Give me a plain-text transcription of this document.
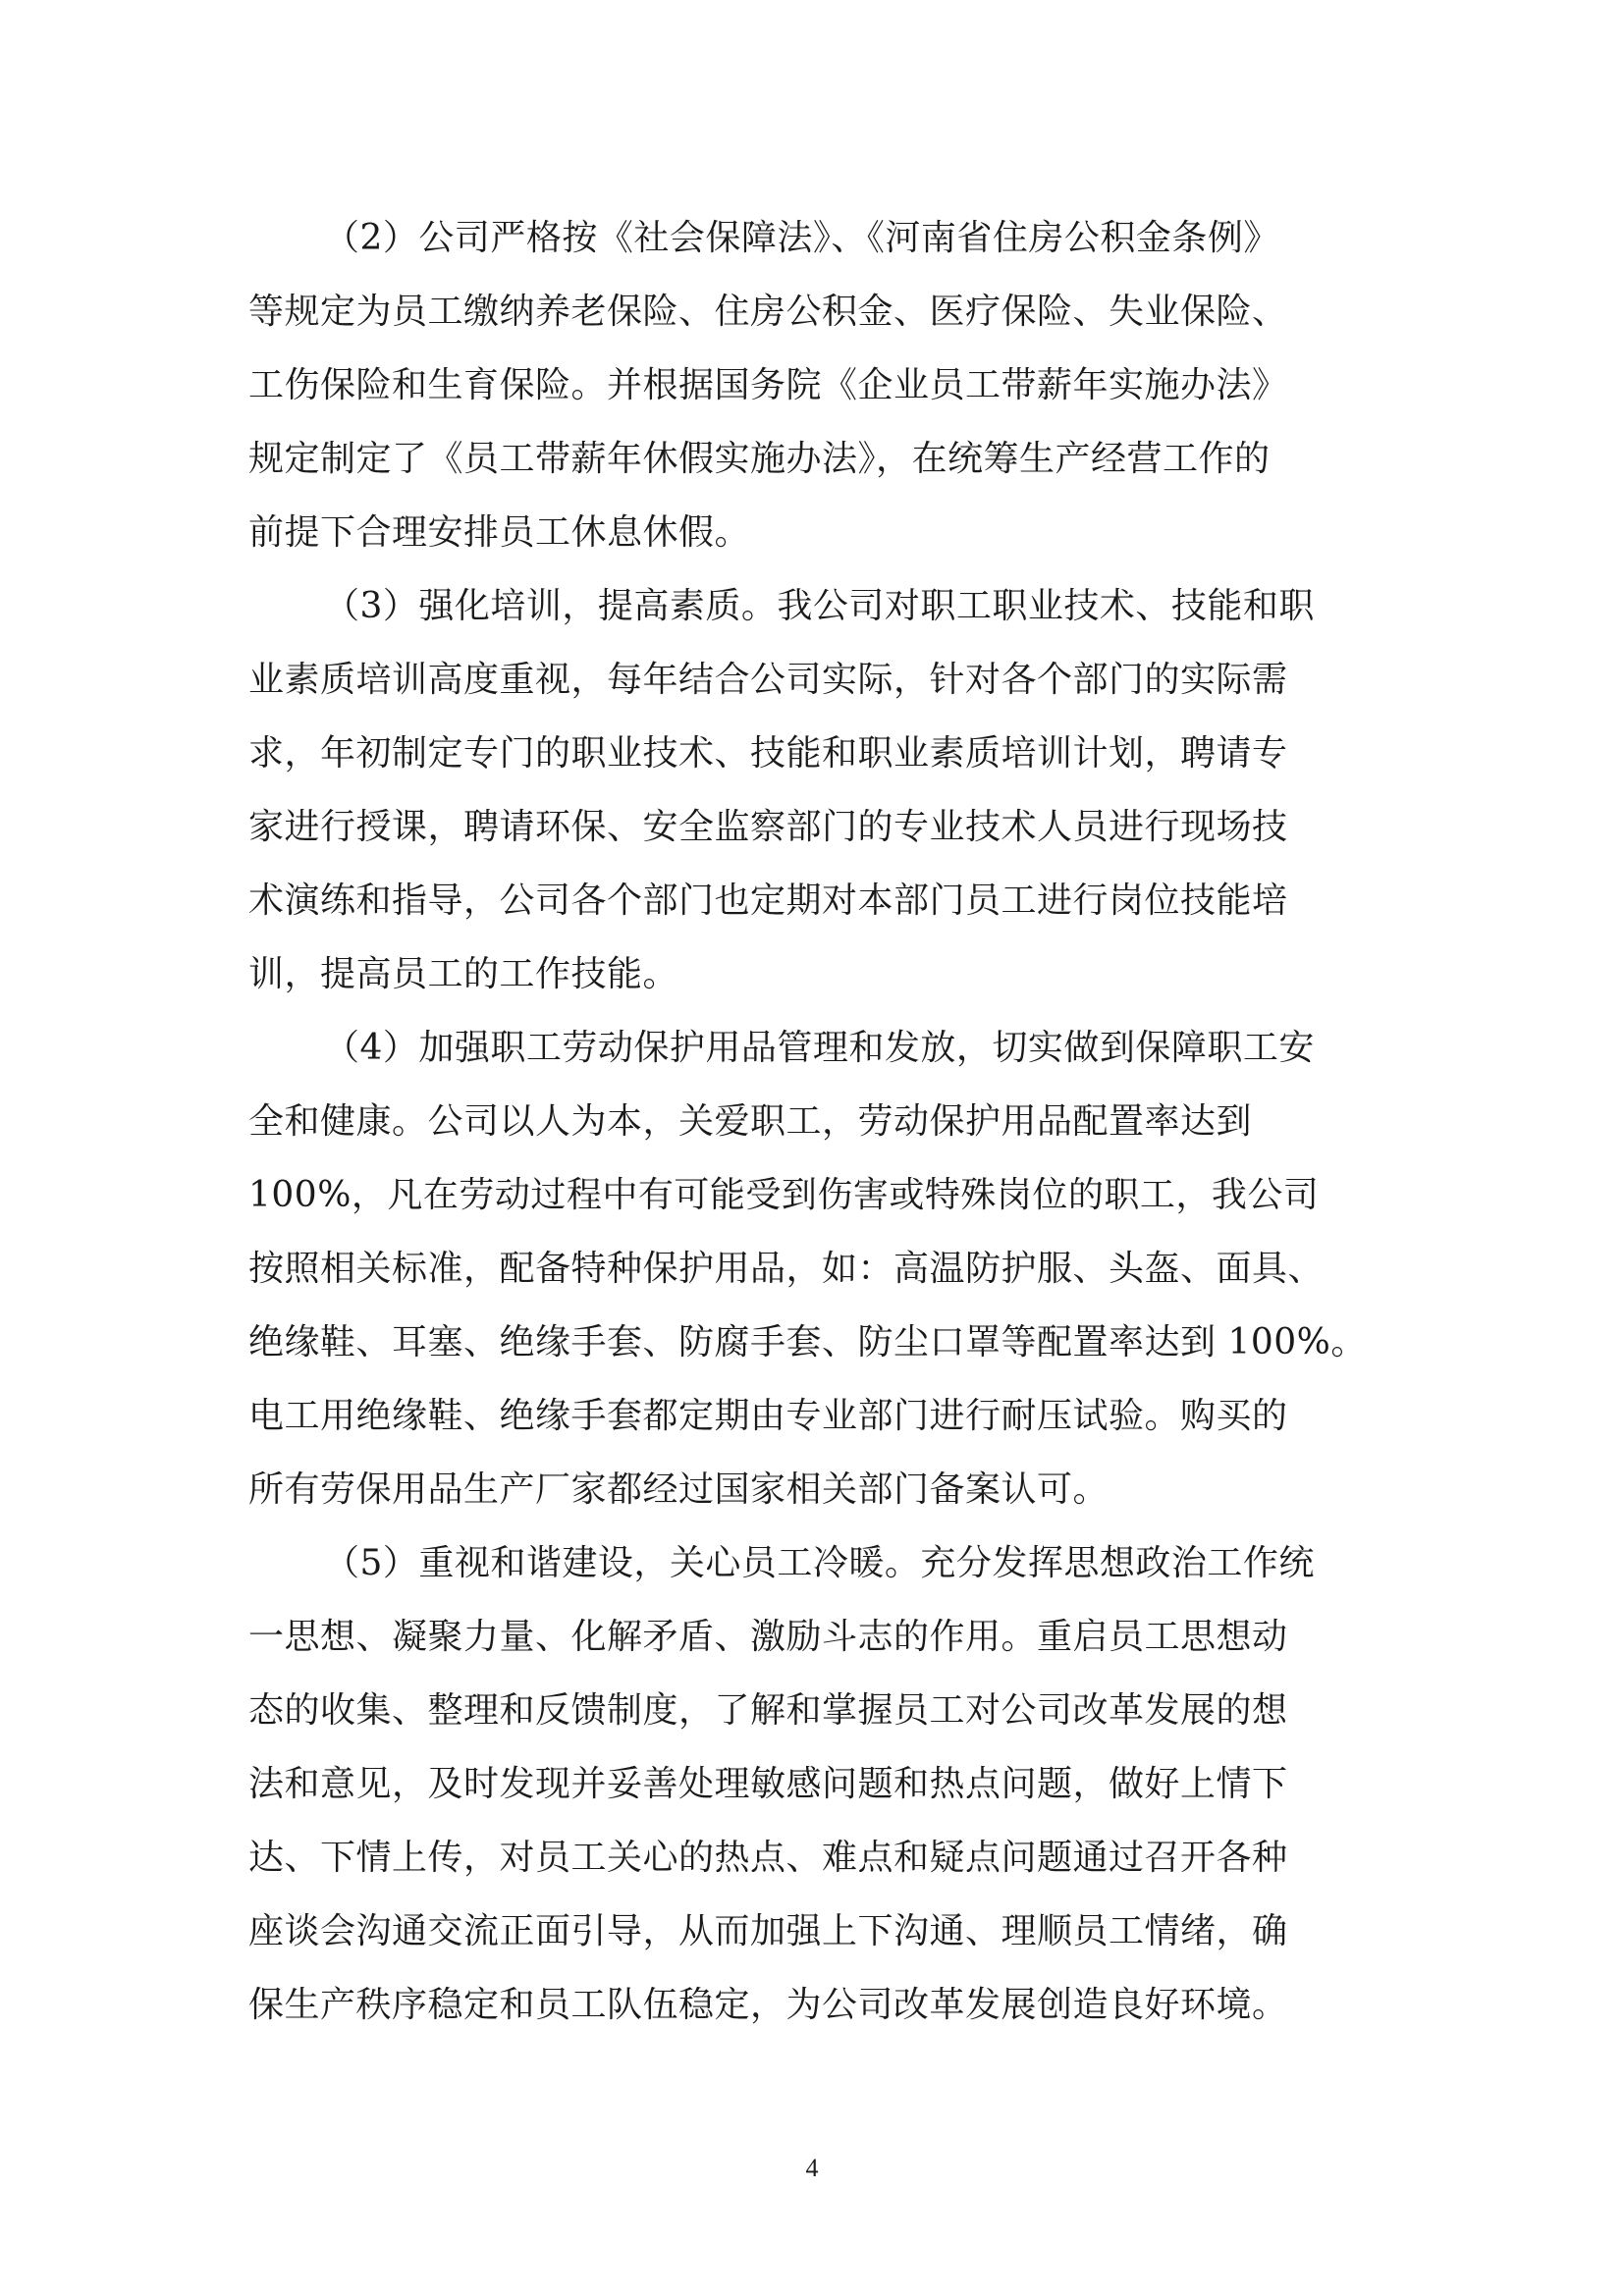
（2）公司严格按《社会保障法》、《河南省住房公积金条例》
等规定为员工缴纳养老保险、住房公积金、医疗保险、失业保险、
工伤保险和生育保险。并根据国务院《企业员工带薪年实施办法》
规定制定了《员工带薪年休假实施办法》，在统筹生产经营工作的
前提下合理安排员工休息休假。
（3）强化培训，提高素质。我公司对职工职业技术、技能和职
业素质培训高度重视，每年结合公司实际，针对各个部门的实际需
求，年初制定专门的职业技术、技能和职业素质培训计划，聘请专
家进行授课，聘请环保、安全监察部门的专业技术人员进行现场技
术演练和指导，公司各个部门也定期对本部门员工进行岗位技能培
训，提高员工的工作技能。
（4）加强职工劳动保护用品管理和发放，切实做到保障职工安
全和健康。公司以人为本，关爱职工，劳动保护用品配置率达到
100%，凡在劳动过程中有可能受到伤害或特殊岗位的职工，我公司
按照相关标准，配备特种保护用品，如：高温防护服、头盔、面具、
绝缘鞋、耳塞、绝缘手套、防腐手套、防尘口罩等配置率达到 100%。
电工用绝缘鞋、绝缘手套都定期由专业部门进行耐压试验。购买的
所有劳保用品生产厂家都经过国家相关部门备案认可。
（5）重视和谐建设，关心员工冷暖。充分发挥思想政治工作统
一思想、凝聚力量、化解矛盾、激励斗志的作用。重启员工思想动
态的收集、整理和反馈制度，了解和掌握员工对公司改革发展的想
法和意见，及时发现并妥善处理敏感问题和热点问题，做好上情下
达、下情上传，对员工关心的热点、难点和疑点问题通过召开各种
座谈会沟通交流正面引导，从而加强上下沟通、理顺员工情绪，确
保生产秩序稳定和员工队伍稳定，为公司改革发展创造良好环境。
4
